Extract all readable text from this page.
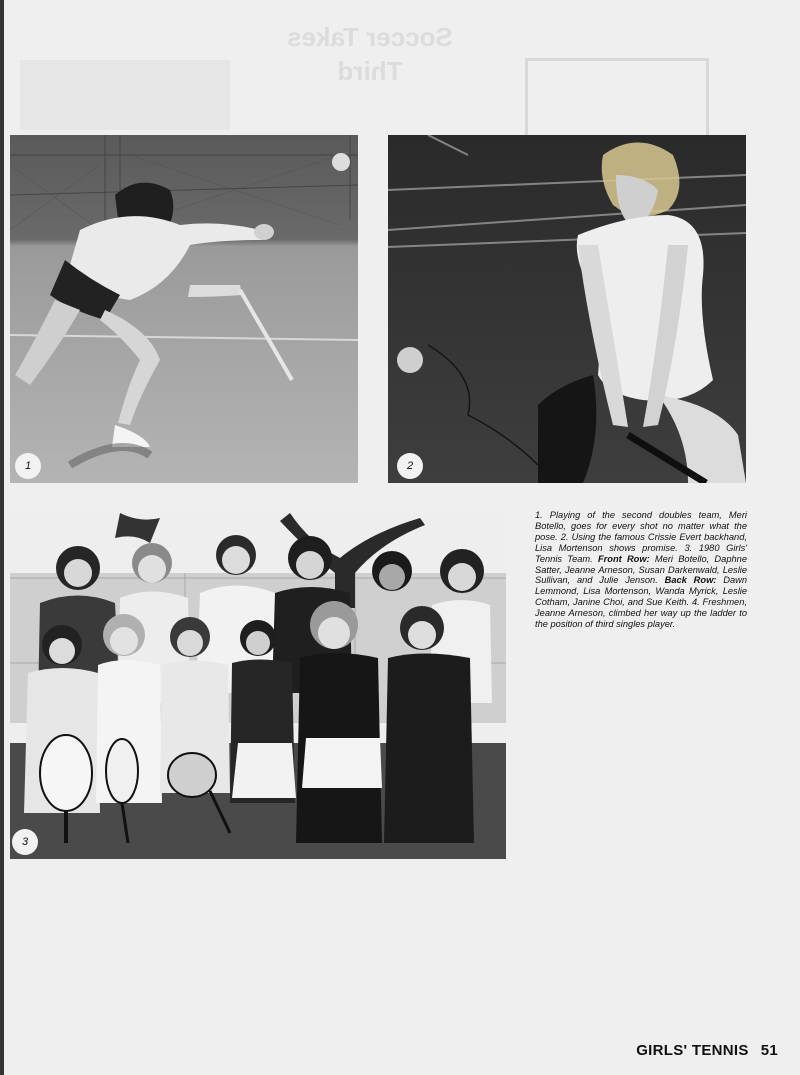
Soccer Takes
Third
1	2
3
1. Playing of the second doubles team, Meri Botello, goes for every shot no matter what the pose. 2. Using the famous Crissie Evert backhand, Lisa Mortenson shows promise. 3. 1980 Girls' Tennis Team. Front Row: Meri Botello, Daphne Satter, Jeanne Arneson, Susan Darkenwald, Leslie Sullivan, and Julie Jenson. Back Row: Dawn Lemmond, Lisa Mortenson, Wanda Myrick, Leslie Cotham, Janine Choi, and Sue Keith. 4. Freshmen, Jeanne Arneson, climbed her way up the ladder to the position of third singles player.
GIRLS' TENNIS 51
